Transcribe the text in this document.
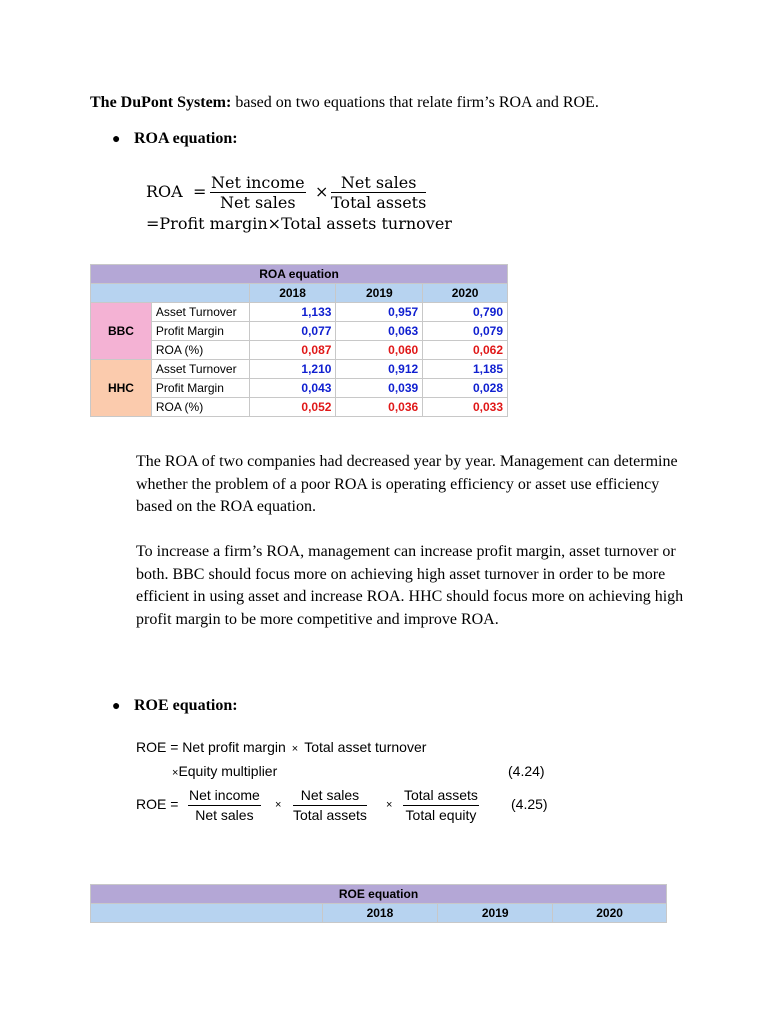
The DuPont System: based on two equations that relate firm’s ROA and ROE.
● ROA equation:
ROA = Net income
Net sales
× Net sales
Total assets
=Profit margin×Total assets turnover
ROA equation				
		2018	2019	2020
BBC	Asset Turnover	1,133	0,957	0,790
	Profit Margin	0,077	0,063	0,079
	ROA (%)	0,087	0,060	0,062
HHC	Asset Turnover	1,210	0,912	1,185
	Profit Margin	0,043	0,039	0,028
	ROA (%)	0,052	0,036	0,033
The ROA of two companies had decreased year by year. Management can determine whether the problem of a poor ROA is operating efficiency or asset use efficiency based on the ROA equation.
To increase a firm’s ROA, management can increase profit margin, asset turnover or both. BBC should focus more on achieving high asset turnover in order to be more efficient in using asset and increase ROA. HHC should focus more on achieving high profit margin to be more competitive and improve ROA.
● ROE equation:
ROE = Net profit margin × Total asset turnover
×Equity multiplier	(4.24)
ROE =
Net income
Net sales
×
Net sales
Total assets
×
Total assets
Total equity
(4.25)
ROE equation
	2018	2019	2020
